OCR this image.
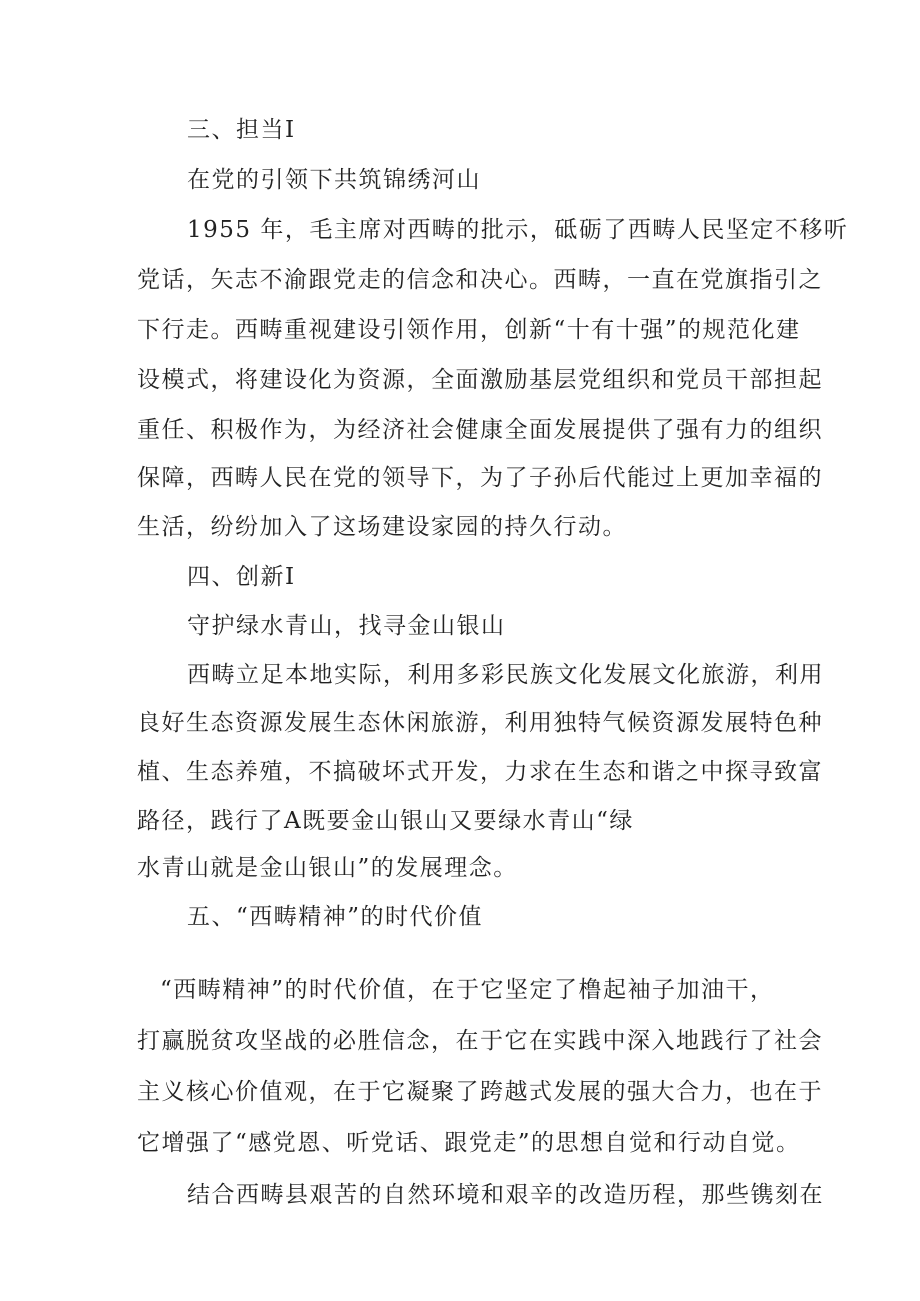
三、担当Ⅰ
在党的引领下共筑锦绣河山
1955 年，毛主席对西畴的批示，砥砺了西畴人民坚定不移听
党话，矢志不渝跟党走的信念和决心。西畴，一直在党旗指引之
下行走。西畴重视建设引领作用，创新“十有十强”的规范化建
设模式，将建设化为资源，全面激励基层党组织和党员干部担起
重任、积极作为，为经济社会健康全面发展提供了强有力的组织
保障，西畴人民在党的领导下，为了子孙后代能过上更加幸福的
生活，纷纷加入了这场建设家园的持久行动。
四、创新Ⅰ
守护绿水青山，找寻金山银山
西畴立足本地实际，利用多彩民族文化发展文化旅游，利用
良好生态资源发展生态休闲旅游，利用独特气候资源发展特色种
植、生态养殖，不搞破坏式开发，力求在生态和谐之中探寻致富
路径，践行了A既要金山银山又要绿水青山“绿
水青山就是金山银山”的发展理念。
五、“西畴精神”的时代价值
“西畴精神”的时代价值，在于它坚定了橹起袖子加油干，
打赢脱贫攻坚战的必胜信念，在于它在实践中深入地践行了社会
主义核心价值观，在于它凝聚了跨越式发展的强大合力，也在于
它增强了“感党恩、听党话、跟党走”的思想自觉和行动自觉。
结合西畴县艰苦的自然环境和艰辛的改造历程，那些镌刻在
